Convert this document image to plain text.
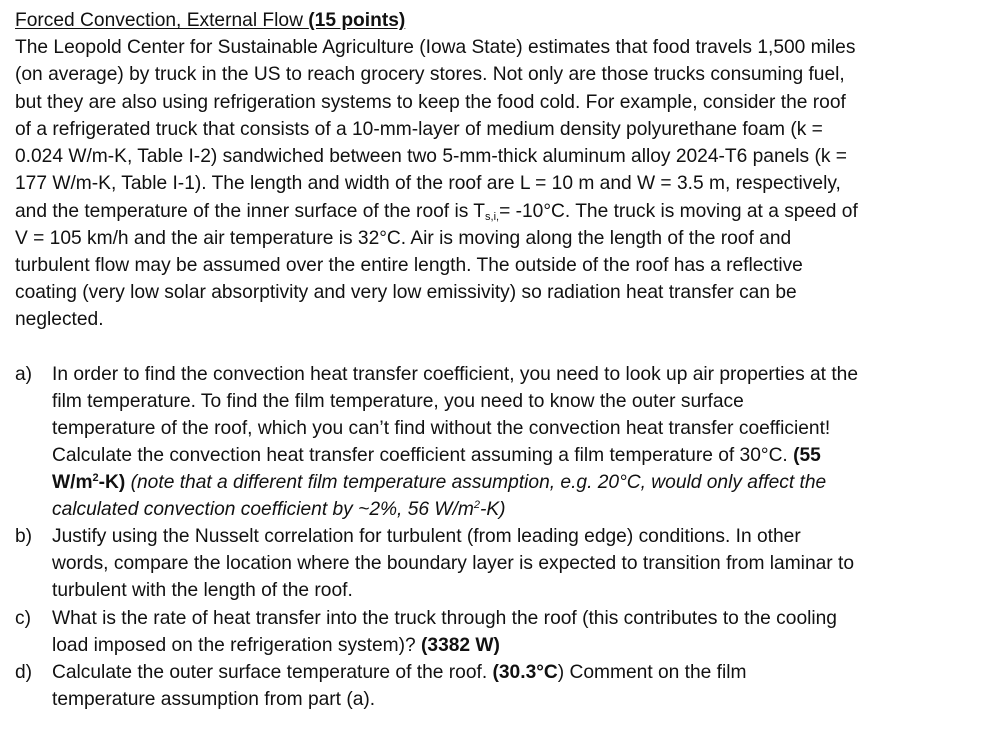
Forced Convection, External Flow (15 points)
The Leopold Center for Sustainable Agriculture (Iowa State) estimates that food travels 1,500 miles
(on average) by truck in the US to reach grocery stores. Not only are those trucks consuming fuel,
but they are also using refrigeration systems to keep the food cold. For example, consider the roof
of a refrigerated truck that consists of a 10-mm-layer of medium density polyurethane foam (k =
0.024 W/m-K, Table I-2) sandwiched between two 5-mm-thick aluminum alloy 2024-T6 panels (k =
177 W/m-K, Table I-1). The length and width of the roof are L = 10 m and W = 3.5 m, respectively,
and the temperature of the inner surface of the roof is $T_{s,i,}= -10^\circ C$. The truck is moving at a speed of
V = 105 km/h and the air temperature is 32°C. Air is moving along the length of the roof and
turbulent flow may be assumed over the entire length. The outside of the roof has a reflective
coating (very low solar absorptivity and very low emissivity) so radiation heat transfer can be
neglected.
a)	In order to find the convection heat transfer coefficient, you need to look up air properties at the
film temperature. To find the film temperature, you need to know the outer surface
temperature of the roof, which you can’t find without the convection heat transfer coefficient!
Calculate the convection heat transfer coefficient assuming a film temperature of 30°C. (55
$W/m^2-K$) (note that a different film temperature assumption, e.g. 20°C, would only affect the
calculated convection coefficient by ~2%, 56 $W/m^2-K$)
b)	Justify using the Nusselt correlation for turbulent (from leading edge) conditions. In other
words, compare the location where the boundary layer is expected to transition from laminar to
turbulent with the length of the roof.
c)	What is the rate of heat transfer into the truck through the roof (this contributes to the cooling
load imposed on the refrigeration system)? (3382 W)
d)	Calculate the outer surface temperature of the roof. (30.3°C) Comment on the film
temperature assumption from part (a).
